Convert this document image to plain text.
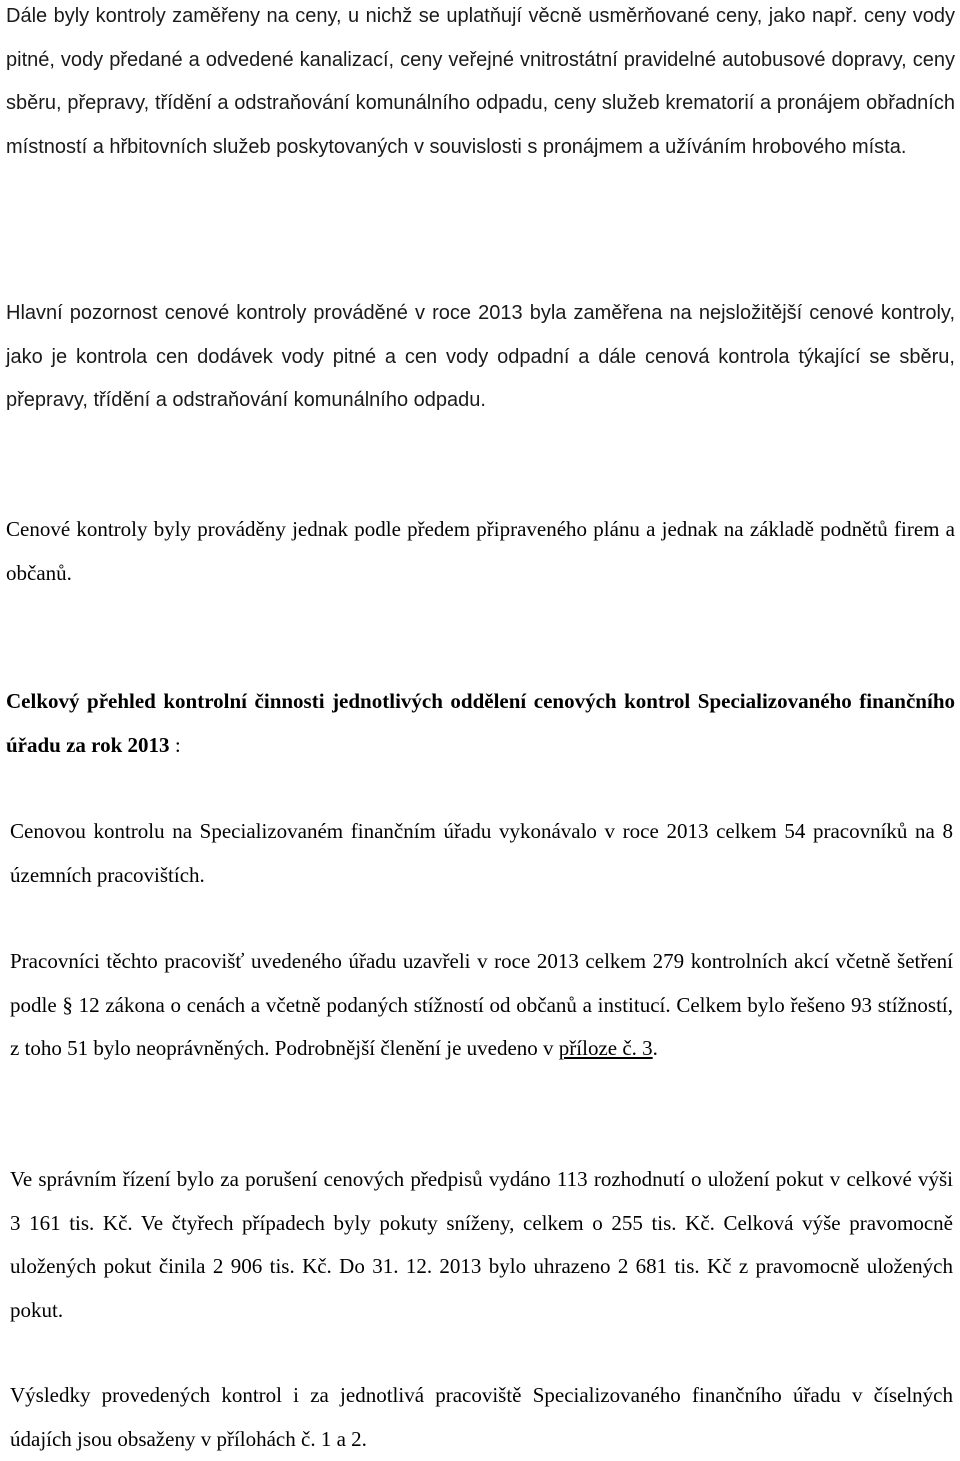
Dále byly kontroly zaměřeny na ceny, u nichž se uplatňují věcně usměrňované ceny, jako např. ceny vody pitné, vody předané a odvedené kanalizací, ceny veřejné vnitrostátní pravidelné autobusové dopravy, ceny sběru, přepravy, třídění a odstraňování komunálního odpadu, ceny služeb krematorií a pronájem obřadních místností a hřbitovních služeb poskytovaných v souvislosti s pronájmem a užíváním hrobového místa.

Hlavní pozornost cenové kontroly prováděné v roce 2013 byla zaměřena na nejsložitější cenové kontroly, jako je kontrola cen dodávek vody pitné a cen vody odpadní a dále cenová kontrola týkající se sběru, přepravy, třídění a odstraňování komunálního odpadu.

Cenové kontroly byly prováděny jednak podle předem připraveného plánu a jednak na základě podnětů firem a občanů.

Celkový přehled kontrolní činnosti jednotlivých oddělení cenových kontrol Specializovaného finančního úřadu za rok 2013 :

Cenovou kontrolu na Specializovaném finančním úřadu vykonávalo v roce 2013 celkem 54 pracovníků na 8 územních pracovištích.

Pracovníci těchto pracovišť uvedeného úřadu uzavřeli v roce 2013 celkem 279 kontrolních akcí včetně šetření podle § 12 zákona o cenách a včetně podaných stížností od občanů a institucí. Celkem bylo řešeno 93 stížností, z toho 51 bylo neoprávněných. Podrobnější členění je uvedeno v příloze č. 3.

Ve správním řízení bylo za porušení cenových předpisů vydáno 113 rozhodnutí o uložení pokut v celkové výši 3 161 tis. Kč. Ve čtyřech případech byly pokuty sníženy, celkem o 255 tis. Kč. Celková výše pravomocně uložených pokut činila 2 906 tis. Kč. Do 31. 12. 2013 bylo uhrazeno 2 681 tis. Kč z pravomocně uložených pokut.

Výsledky provedených kontrol i za jednotlivá pracoviště Specializovaného finančního úřadu v číselných údajích jsou obsaženy v přílohách č. 1 a 2.
